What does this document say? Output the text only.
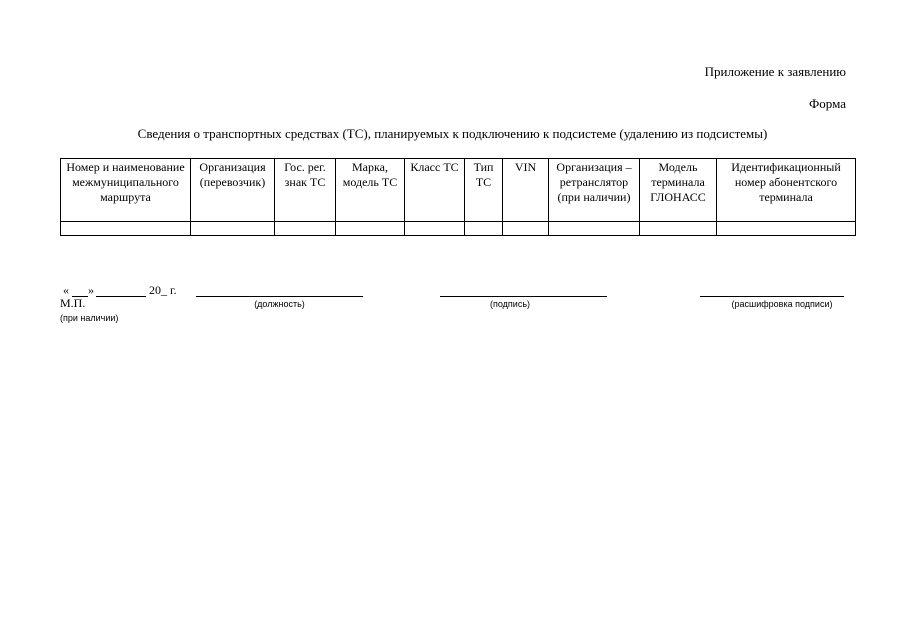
Приложение к заявлению
Форма
Сведения о транспортных средствах (ТС), планируемых к подключению к подсистеме (удалению из подсистемы)
Номер и наименование межмуниципального маршрута	Организация (перевозчик)	Гос. рег. знак ТС	Марка, модель ТС	Класс ТС	Тип ТС	VIN	Организация – ретранслятор (при наличии)	Модель терминала ГЛОНАСС	Идентификационный номер абонентского терминала

« »	20_ г.
М.П.
(при наличии)
(должность)	(подпись)	(расшифровка подписи)
